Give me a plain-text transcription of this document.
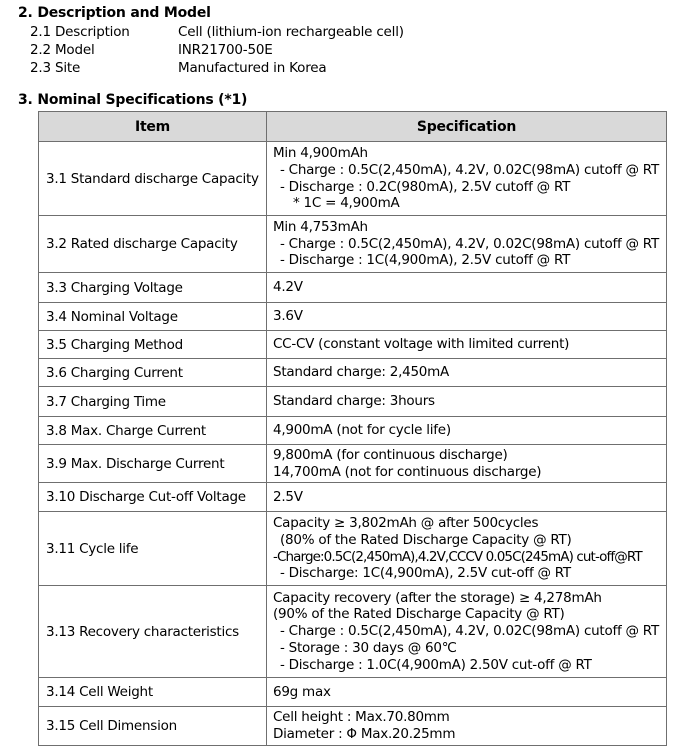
2. Description and Model
2.1 Description	Cell (lithium-ion rechargeable cell)
2.2 Model	INR21700-50E
2.3 Site	Manufactured in Korea
3. Nominal Specifications (*1)
Item	Specification
3.1 Standard discharge Capacity	Min 4,900mAh
- Charge : 0.5C(2,450mA), 4.2V, 0.02C(98mA) cutoff @ RT
- Discharge : 0.2C(980mA), 2.5V cutoff @ RT
* 1C = 4,900mA

3.2 Rated discharge Capacity	Min 4,753mAh
- Charge : 0.5C(2,450mA), 4.2V, 0.02C(98mA) cutoff @ RT
- Discharge : 1C(4,900mA), 2.5V cutoff @ RT

3.3 Charging Voltage	4.2V

3.4 Nominal Voltage	3.6V

3.5 Charging Method	CC-CV (constant voltage with limited current)

3.6 Charging Current	Standard charge: 2,450mA

3.7 Charging Time	Standard charge: 3hours

3.8 Max. Charge Current	4,900mA (not for cycle life)

3.9 Max. Discharge Current	9,800mA (for continuous discharge)
14,700mA (not for continuous discharge)

3.10 Discharge Cut-off Voltage	2.5V

3.11 Cycle life	Capacity ≥ 3,802mAh @ after 500cycles
(80% of the Rated Discharge Capacity @ RT)
-Charge:0.5C(2,450mA),4.2V,CCCV 0.05C(245mA) cut-off@RT
- Discharge: 1C(4,900mA), 2.5V cut-off @ RT

3.13 Recovery characteristics	Capacity recovery (after the storage) ≥ 4,278mAh
(90% of the Rated Discharge Capacity @ RT)
- Charge : 0.5C(2,450mA), 4.2V, 0.02C(98mA) cutoff @ RT
- Storage : 30 days @ 60℃
- Discharge : 1.0C(4,900mA) 2.50V cut-off @ RT

3.14 Cell Weight	69g max

3.15 Cell Dimension	Cell height : Max.70.80mm
Diameter : Φ Max.20.25mm
